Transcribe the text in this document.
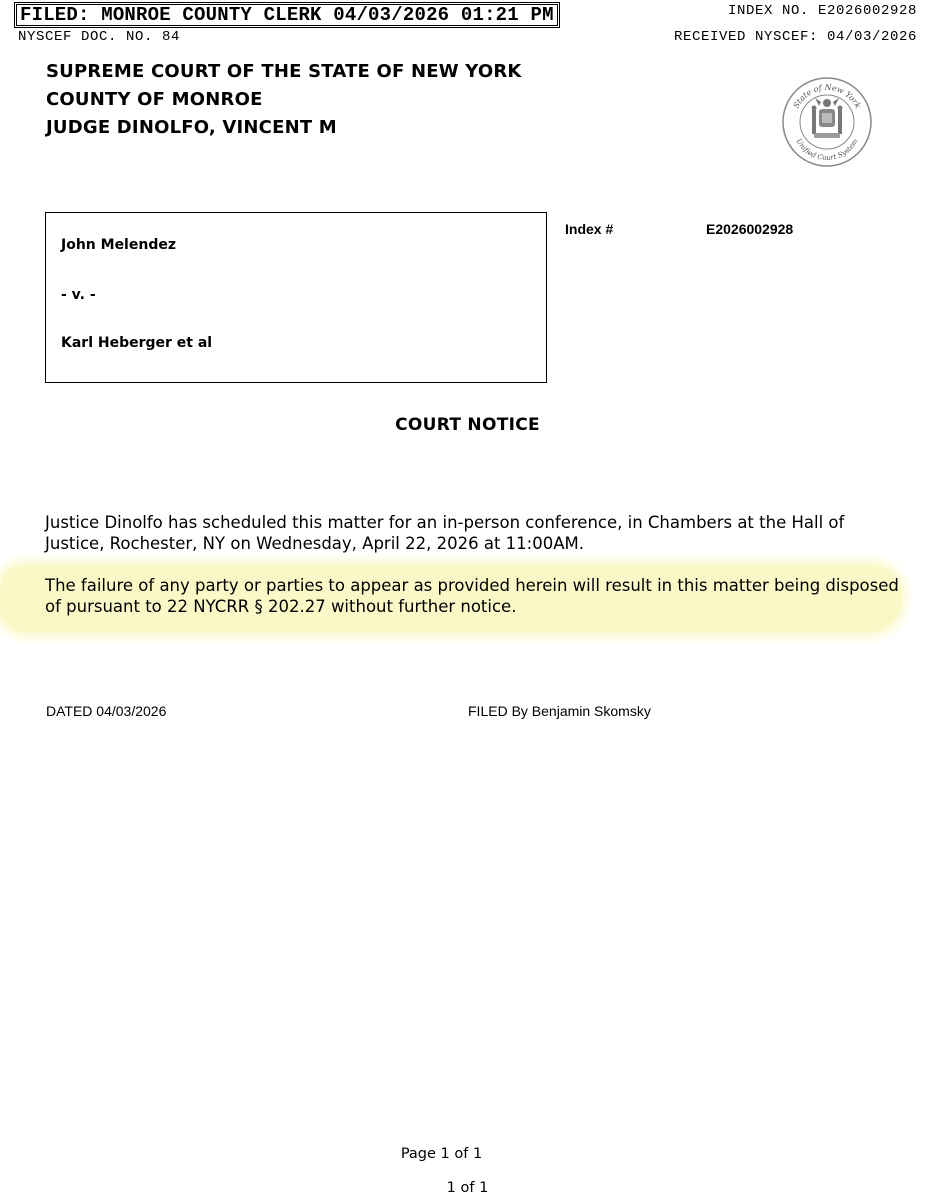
FILED: MONROE COUNTY CLERK 04/03/2026 01:21 PM
NYSCEF DOC. NO. 84
INDEX NO. E2026002928
RECEIVED NYSCEF: 04/03/2026
SUPREME COURT OF THE STATE OF NEW YORK
COUNTY OF MONROE
JUDGE DINOLFO, VINCENT M
State of New York
Unified Court System
John Melendez
- v. -
Karl Heberger et al
Index #	E2026002928
COURT NOTICE
Justice Dinolfo has scheduled this matter for an in-person conference, in Chambers at the Hall of Justice, Rochester, NY on Wednesday, April 22, 2026 at 11:00AM.
The failure of any party or parties to appear as provided herein will result in this matter being disposed of pursuant to 22 NYCRR § 202.27 without further notice.
DATED 04/03/2026	FILED By Benjamin Skomsky
Page 1 of 1
1 of 1
